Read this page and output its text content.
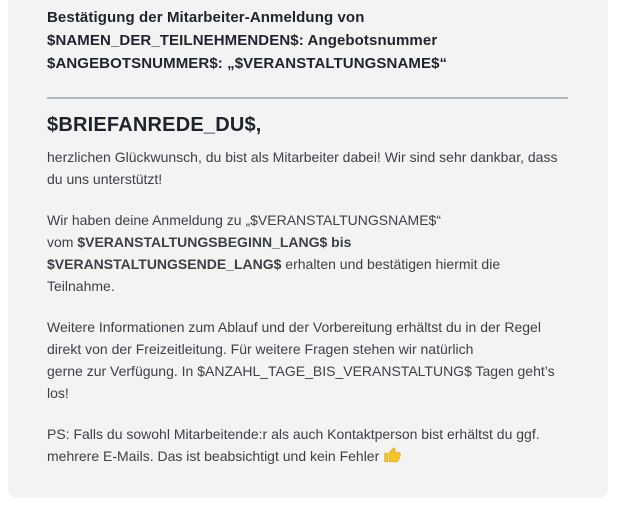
Bestätigung der Mitarbeiter-Anmeldung von
$NAMEN_DER_TEILNEHMENDEN$: Angebotsnummer
$ANGEBOTSNUMMER$: „$VERANSTALTUNGSNAME$“
$BRIEFANREDE_DU$,
herzlichen Glückwunsch, du bist als Mitarbeiter dabei! Wir sind sehr dankbar, dass
du uns unterstützt!
Wir haben deine Anmeldung zu „$VERANSTALTUNGSNAME$“
vom $VERANSTALTUNGSBEGINN_LANG$ bis
$VERANSTALTUNGSENDE_LANG$ erhalten und bestätigen hiermit die
Teilnahme.
Weitere Informationen zum Ablauf und der Vorbereitung erhältst du in der Regel
direkt von der Freizeitleitung. Für weitere Fragen stehen wir natürlich
gerne zur Verfügung. In $ANZAHL_TAGE_BIS_VERANSTALTUNG$ Tagen geht’s
los!
PS: Falls du sowohl Mitarbeitende:r als auch Kontaktperson bist erhältst du ggf.
mehrere E-Mails. Das ist beabsichtigt und kein Fehler
